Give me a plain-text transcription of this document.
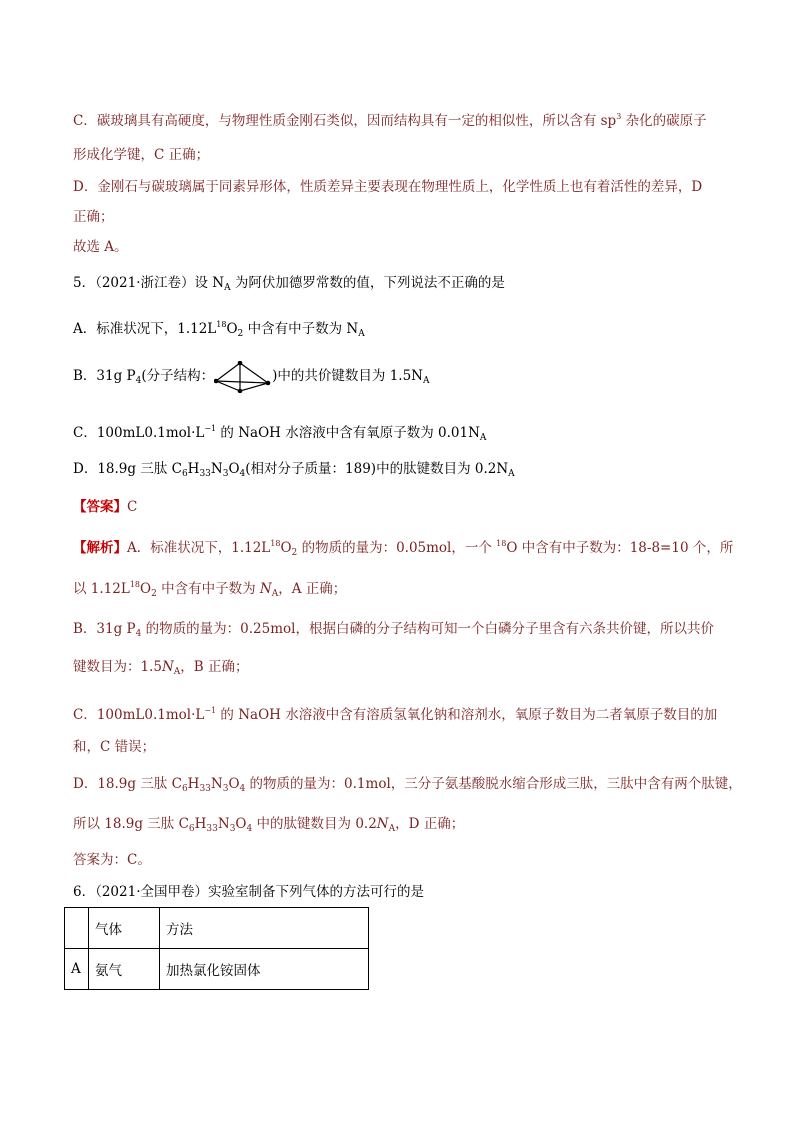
C．碳玻璃具有高硬度，与物理性质金刚石类似，因而结构具有一定的相似性，所以含有 $sp^3$ 杂化的碳原子
形成化学键，C 正确；
D．金刚石与碳玻璃属于同素异形体，性质差异主要表现在物理性质上，化学性质上也有着活性的差异，D
正确；
故选 A。
5．（2021·浙江卷）设 $N_A$ 为阿伏加德罗常数的值，下列说法不正确的是
A．标准状况下，$1.12L^{18}O_2$ 中含有中子数为 $N_A$
B．31g $P_4$(分子结构：	)中的共价键数目为 $1.5N_A$
C．$100mL0.1mol\cdot L^{-1}$ 的 NaOH 水溶液中含有氧原子数为 $0.01N_A$
D．18.9g 三肽 $C_6H_{33}N_3O_4$(相对分子质量：189)中的肽键数目为 $0.2N_A$
【答案】C
【解析】A．标准状况下，$1.12L^{18}O_2$ 的物质的量为：0.05mol，一个 $^{18}$O 中含有中子数为：18-8=10 个，所
以 $1.12L^{18}O_2$ 中含有中子数为 $N_A$，A 正确；
B．31g $P_4$ 的物质的量为：0.25mol，根据白磷的分子结构可知一个白磷分子里含有六条共价键，所以共价
键数目为：$1.5N_A$，B 正确；
C．$100mL0.1mol\cdot L^{-1}$ 的 NaOH 水溶液中含有溶质氢氧化钠和溶剂水，氧原子数目为二者氧原子数目的加
和，C 错误；
D．18.9g 三肽 $C_6H_{33}N_3O_4$ 的物质的量为：0.1mol，三分子氨基酸脱水缩合形成三肽，三肽中含有两个肽键，
所以 18.9g 三肽 $C_6H_{33}N_3O_4$ 中的肽键数目为 $0.2N_A$，D 正确；
答案为：C。
6．（2021·全国甲卷）实验室制备下列气体的方法可行的是
	气体	方法
A	氨气	加热氯化铵固体
